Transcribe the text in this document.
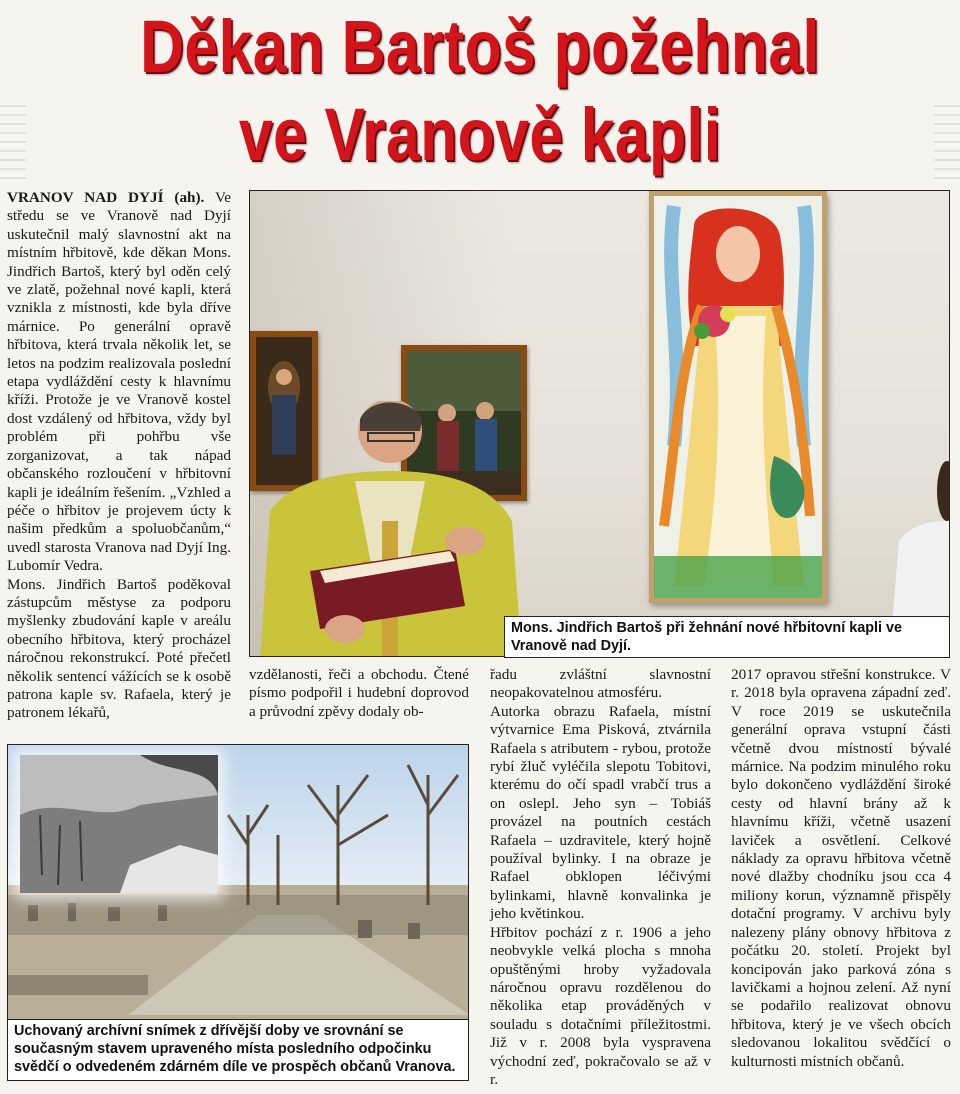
Děkan Bartoš požehnal
ve Vranově kapli

VRANOV NAD DYJÍ (ah). Ve středu se ve Vranově nad Dyjí uskutečnil malý slavnostní akt na místním hřbitově, kde děkan Mons. Jindřich Bartoš, který byl oděn celý ve zlatě, požehnal nové kapli, která vznikla z místnosti, kde byla dříve márnice. Po generální opravě hřbitova, která trvala několik let, se letos na podzim realizovala poslední etapa vydláždění cesty k hlavnímu kříži. Protože je ve Vranově kostel dost vzdálený od hřbitova, vždy byl problém při pohřbu vše zorganizovat, a tak nápad občanského rozloučení v hřbitovní kapli je ideálním řešením. „Vzhled a péče o hřbitov je projevem úcty k našim předkům a spoluobčanům,“ uvedl starosta Vranova nad Dyjí Ing. Lubomír Vedra.

Mons. Jindřich Bartoš poděkoval zástupcům městyse za podporu myšlenky zbudování kaple v areálu obecního hřbitova, který procházel náročnou rekonstrukcí. Poté přečetl několik sentencí vážících se k osobě patrona kaple sv. Rafaela, který je patronem lékařů,

Mons. Jindřich Bartoš při žehnání nové hřbitovní kapli ve Vranově nad Dyjí.

vzdělanosti, řeči a obchodu. Čtené písmo podpořil i hudební doprovod a průvodní zpěvy dodaly ob-

řadu zvláštní slavnostní neopakovatelnou atmosféru.

Autorka obrazu Rafaela, místní výtvarnice Ema Pisková, ztvárnila Rafaela s atributem - rybou, protože rybí žluč vyléčila slepotu Tobitovi, kterému do očí spadl vrabčí trus a on oslepl. Jeho syn – Tobiáš provázel na poutních cestách Rafaela – uzdravitele, který hojně používal bylinky. I na obraze je Rafael obklopen léčivými bylinkami, hlavně konvalinka je jeho květinkou.

Hřbitov pochází z r. 1906 a jeho neobvykle velká plocha s mnoha opuštěnými hroby vyžadovala náročnou opravu rozdělenou do několika etap prováděných v souladu s dotačními příležitostmi. Již v r. 2008 byla vyspravena východní zeď, pokračovalo se až v r.

2017 opravou střešní konstrukce. V r. 2018 byla opravena západní zeď. V roce 2019 se uskutečnila generální oprava vstupní části včetně dvou místností bývalé márnice. Na podzim minulého roku bylo dokončeno vydláždění široké cesty od hlavní brány až k hlavnímu kříži, včetně usazení laviček a osvětlení. Celkové náklady za opravu hřbitova včetně nové dlažby chodníku jsou cca 4 miliony korun, významně přispěly dotační programy. V archivu byly nalezeny plány obnovy hřbitova z počátku 20. století. Projekt byl koncipován jako parková zóna s lavičkami a hojnou zelení. Až nyní se podařilo realizovat obnovu hřbitova, který je ve všech obcích sledovanou lokalitou svědčící o kulturnosti místních občanů.

Uchovaný archívní snímek z dřívější doby ve srovnání se současným stavem upraveného místa posledního odpočinku svědčí o odvedeném zdárném díle ve prospěch občanů Vranova.
